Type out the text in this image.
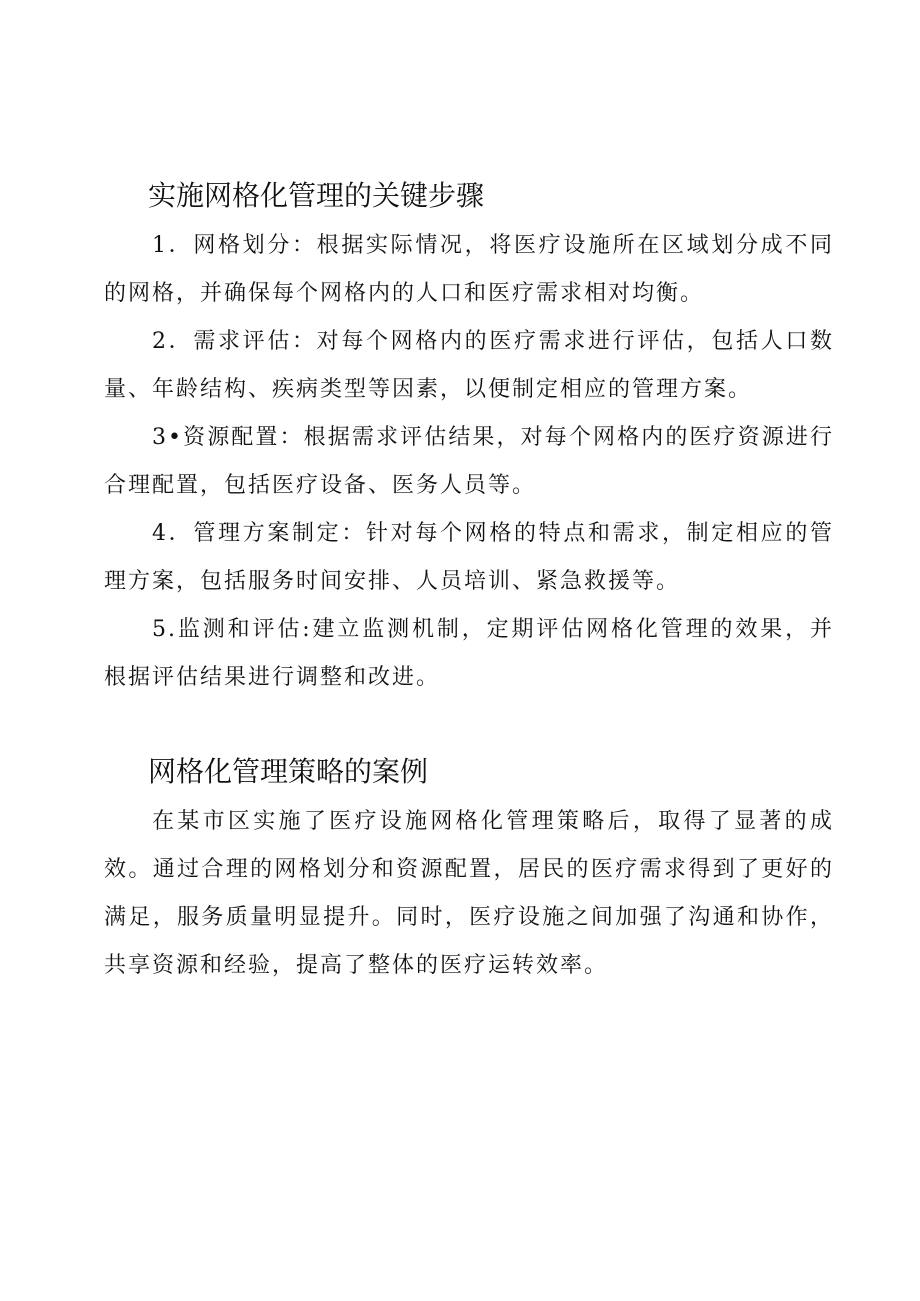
实施网格化管理的关键步骤

1．网格划分：根据实际情况，将医疗设施所在区域划分成不同的网格，并确保每个网格内的人口和医疗需求相对均衡。

2．需求评估：对每个网格内的医疗需求进行评估，包括人口数量、年龄结构、疾病类型等因素，以便制定相应的管理方案。

3•资源配置：根据需求评估结果，对每个网格内的医疗资源进行合理配置，包括医疗设备、医务人员等。

4．管理方案制定：针对每个网格的特点和需求，制定相应的管理方案，包括服务时间安排、人员培训、紧急救援等。

5.监测和评估:建立监测机制，定期评估网格化管理的效果，并根据评估结果进行调整和改进。

网格化管理策略的案例

在某市区实施了医疗设施网格化管理策略后，取得了显著的成效。通过合理的网格划分和资源配置，居民的医疗需求得到了更好的满足，服务质量明显提升。同时，医疗设施之间加强了沟通和协作，共享资源和经验，提高了整体的医疗运转效率。
